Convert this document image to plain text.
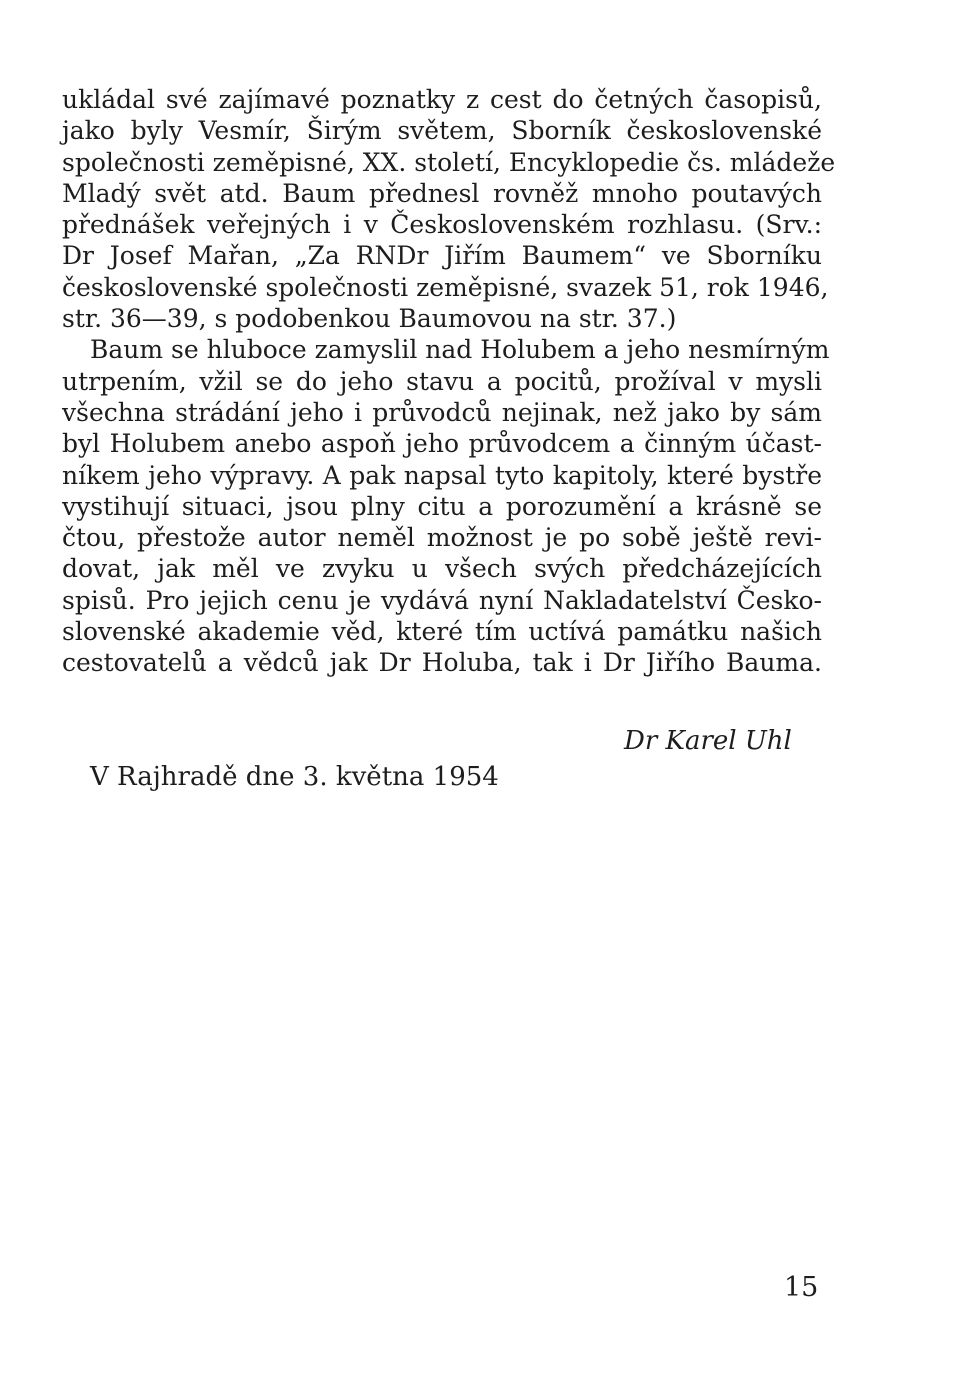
ukládal své zajímavé poznatky z cest do četných časopisů,
jako byly Vesmír, Širým světem, Sborník československé
společnosti zeměpisné, XX. století, Encyklopedie čs. mládeže
Mladý svět atd. Baum přednesl rovněž mnoho poutavých
přednášek veřejných i v Československém rozhlasu. (Srv.:
Dr Josef Mařan, „Za RNDr Jiřím Baumem“ ve Sborníku
československé společnosti zeměpisné, svazek 51, rok 1946,
str. 36—39, s podobenkou Baumovou na str. 37.)
Baum se hluboce zamyslil nad Holubem a jeho nesmírným
utrpením, vžil se do jeho stavu a pocitů, prožíval v mysli
všechna strádání jeho i průvodců nejinak, než jako by sám
byl Holubem anebo aspoň jeho průvodcem a činným účast-
níkem jeho výpravy. A pak napsal tyto kapitoly, které bystře
vystihují situaci, jsou plny citu a porozumění a krásně se
čtou, přestože autor neměl možnost je po sobě ještě revi-
dovat, jak měl ve zvyku u všech svých předcházejících
spisů. Pro jejich cenu je vydává nyní Nakladatelství Česko-
slovenské akademie věd, které tím uctívá památku našich
cestovatelů a vědců jak Dr Holuba, tak i Dr Jiřího Bauma.
Dr Karel Uhl
V Rajhradě dne 3. května 1954
15
